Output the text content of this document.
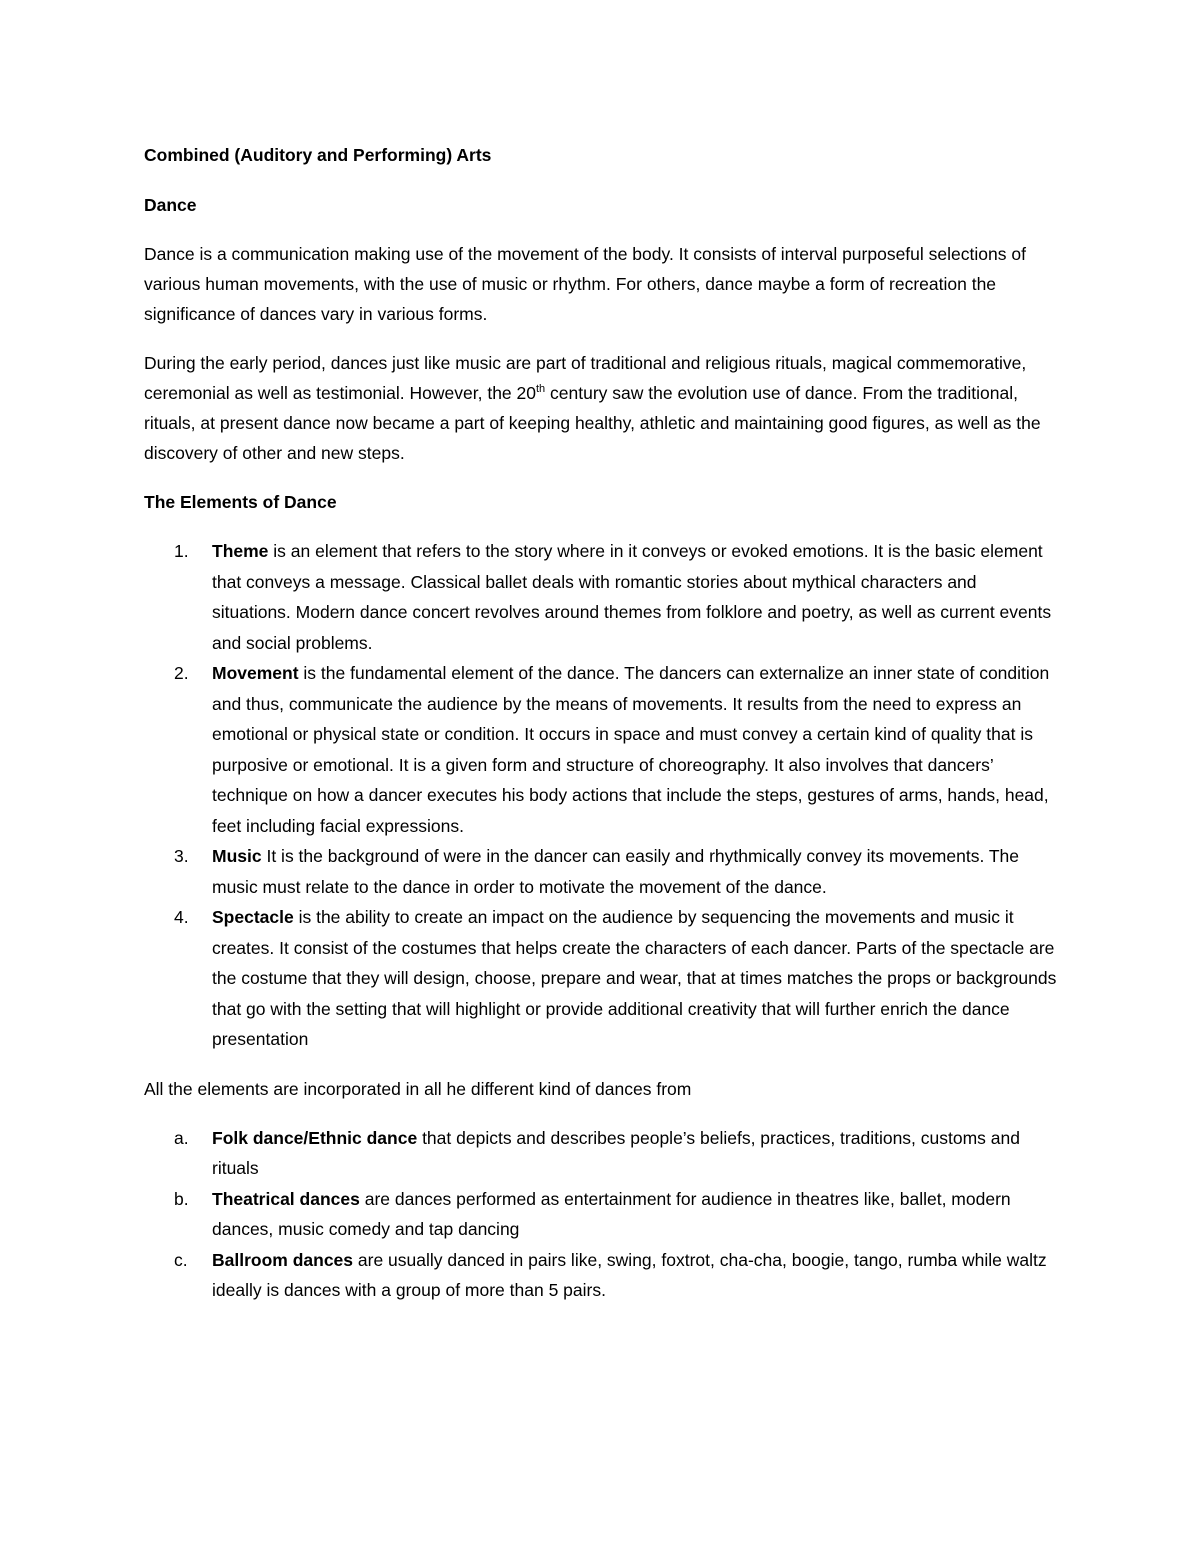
Combined (Auditory and Performing) Arts

Dance

Dance is a communication making use of the movement of the body. It consists of interval purposeful selections of various human movements, with the use of music or rhythm. For others, dance maybe a form of recreation the significance of dances vary in various forms.

During the early period, dances just like music are part of traditional and religious rituals, magical commemorative, ceremonial as well as testimonial. However, the 20th century saw the evolution use of dance. From the traditional, rituals, at present dance now became a part of keeping healthy, athletic and maintaining good figures, as well as the discovery of other and new steps.

The Elements of Dance

1. Theme is an element that refers to the story where in it conveys or evoked emotions. It is the basic element that conveys a message. Classical ballet deals with romantic stories about mythical characters and situations. Modern dance concert revolves around themes from folklore and poetry, as well as current events and social problems.
2. Movement is the fundamental element of the dance. The dancers can externalize an inner state of condition and thus, communicate the audience by the means of movements. It results from the need to express an emotional or physical state or condition. It occurs in space and must convey a certain kind of quality that is purposive or emotional. It is a given form and structure of choreography. It also involves that dancers’ technique on how a dancer executes his body actions that include the steps, gestures of arms, hands, head, feet including facial expressions.
3. Music It is the background of were in the dancer can easily and rhythmically convey its movements. The music must relate to the dance in order to motivate the movement of the dance.
4. Spectacle is the ability to create an impact on the audience by sequencing the movements and music it creates. It consist of the costumes that helps create the characters of each dancer. Parts of the spectacle are the costume that they will design, choose, prepare and wear, that at times matches the props or backgrounds that go with the setting that will highlight or provide additional creativity that will further enrich the dance presentation

All the elements are incorporated in all he different kind of dances from

a. Folk dance/Ethnic dance that depicts and describes people’s beliefs, practices, traditions, customs and rituals
b. Theatrical dances are dances performed as entertainment for audience in theatres like, ballet, modern dances, music comedy and tap dancing
c. Ballroom dances are usually danced in pairs like, swing, foxtrot, cha-cha, boogie, tango, rumba while waltz ideally is dances with a group of more than 5 pairs.
